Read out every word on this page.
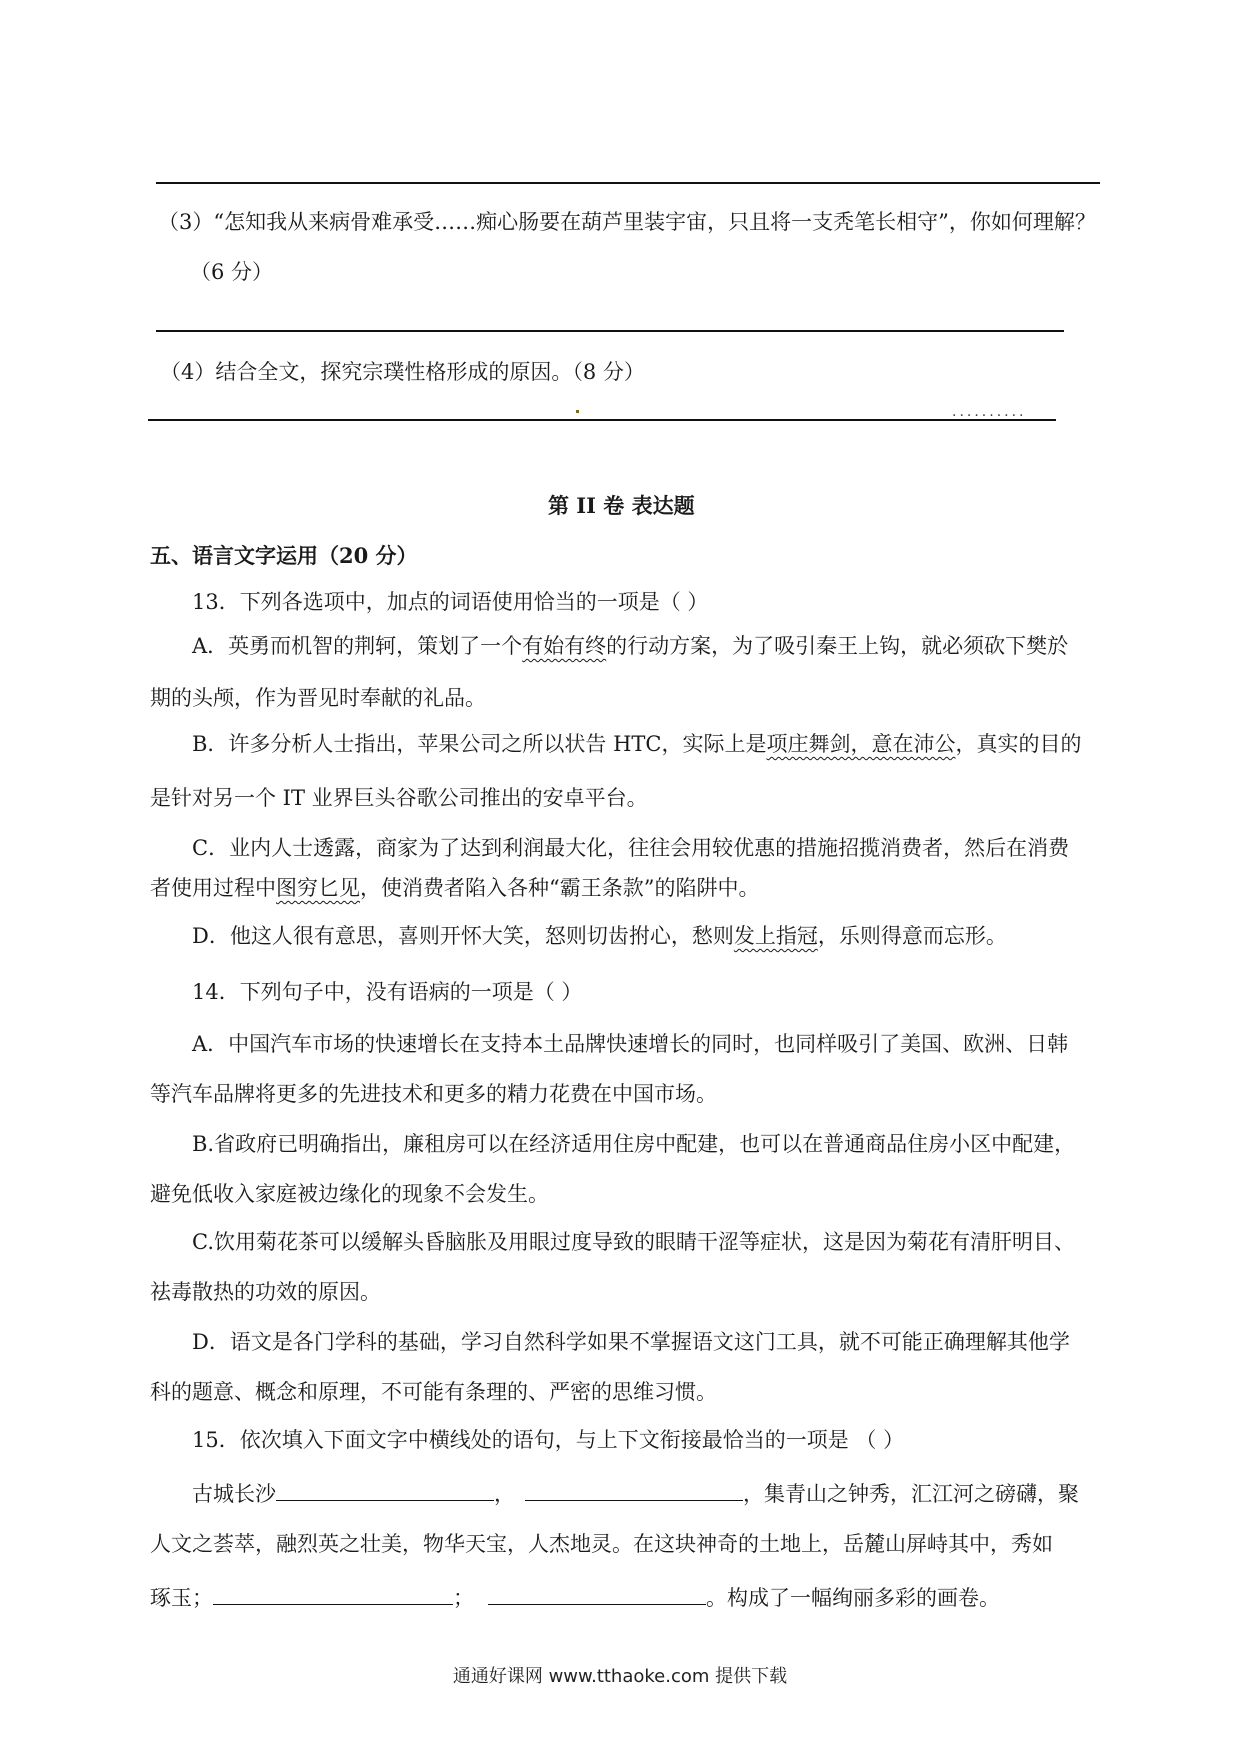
（3）“怎知我从来病骨难承受……痴心肠要在葫芦里装宇宙，只且将一支秃笔长相守”，你如何理解？

（6 分）

（4）结合全文，探究宗璞性格形成的原因。（8 分）

..........
第 II 卷 表达题
五、语言文字运用（20 分）

13．下列各选项中，加点的词语使用恰当的一项是（ ）

A．英勇而机智的荆轲，策划了一个有始有终的行动方案，为了吸引秦王上钩，就必须砍下樊於

期的头颅，作为晋见时奉献的礼品。

B．许多分析人士指出，苹果公司之所以状告 HTC，实际上是项庄舞剑，意在沛公，真实的目的

是针对另一个 IT 业界巨头谷歌公司推出的安卓平台。

C．业内人士透露，商家为了达到利润最大化，往往会用较优惠的措施招揽消费者，然后在消费

者使用过程中图穷匕见，使消费者陷入各种“霸王条款”的陷阱中。

D．他这人很有意思，喜则开怀大笑，怒则切齿拊心，愁则发上指冠，乐则得意而忘形。

14．下列句子中，没有语病的一项是（ ）

A．中国汽车市场的快速增长在支持本土品牌快速增长的同时，也同样吸引了美国、欧洲、日韩

等汽车品牌将更多的先进技术和更多的精力花费在中国市场。

B.省政府已明确指出，廉租房可以在经济适用住房中配建，也可以在普通商品住房小区中配建，

避免低收入家庭被边缘化的现象不会发生。

C.饮用菊花茶可以缓解头昏脑胀及用眼过度导致的眼睛干涩等症状，这是因为菊花有清肝明目、

祛毒散热的功效的原因。

D．语文是各门学科的基础，学习自然科学如果不掌握语文这门工具，就不可能正确理解其他学

科的题意、概念和原理，不可能有条理的、严密的思维习惯。

15．依次填入下面文字中横线处的语句，与上下文衔接最恰当的一项是 （ ）

古城长沙	，	，集青山之钟秀，汇江河之磅礴，聚

人文之荟萃，融烈英之壮美，物华天宝，人杰地灵。在这块神奇的土地上，岳麓山屏峙其中，秀如

琢玉；	；	。构成了一幅绚丽多彩的画卷。

通通好课网 www.tthaoke.com 提供下载
